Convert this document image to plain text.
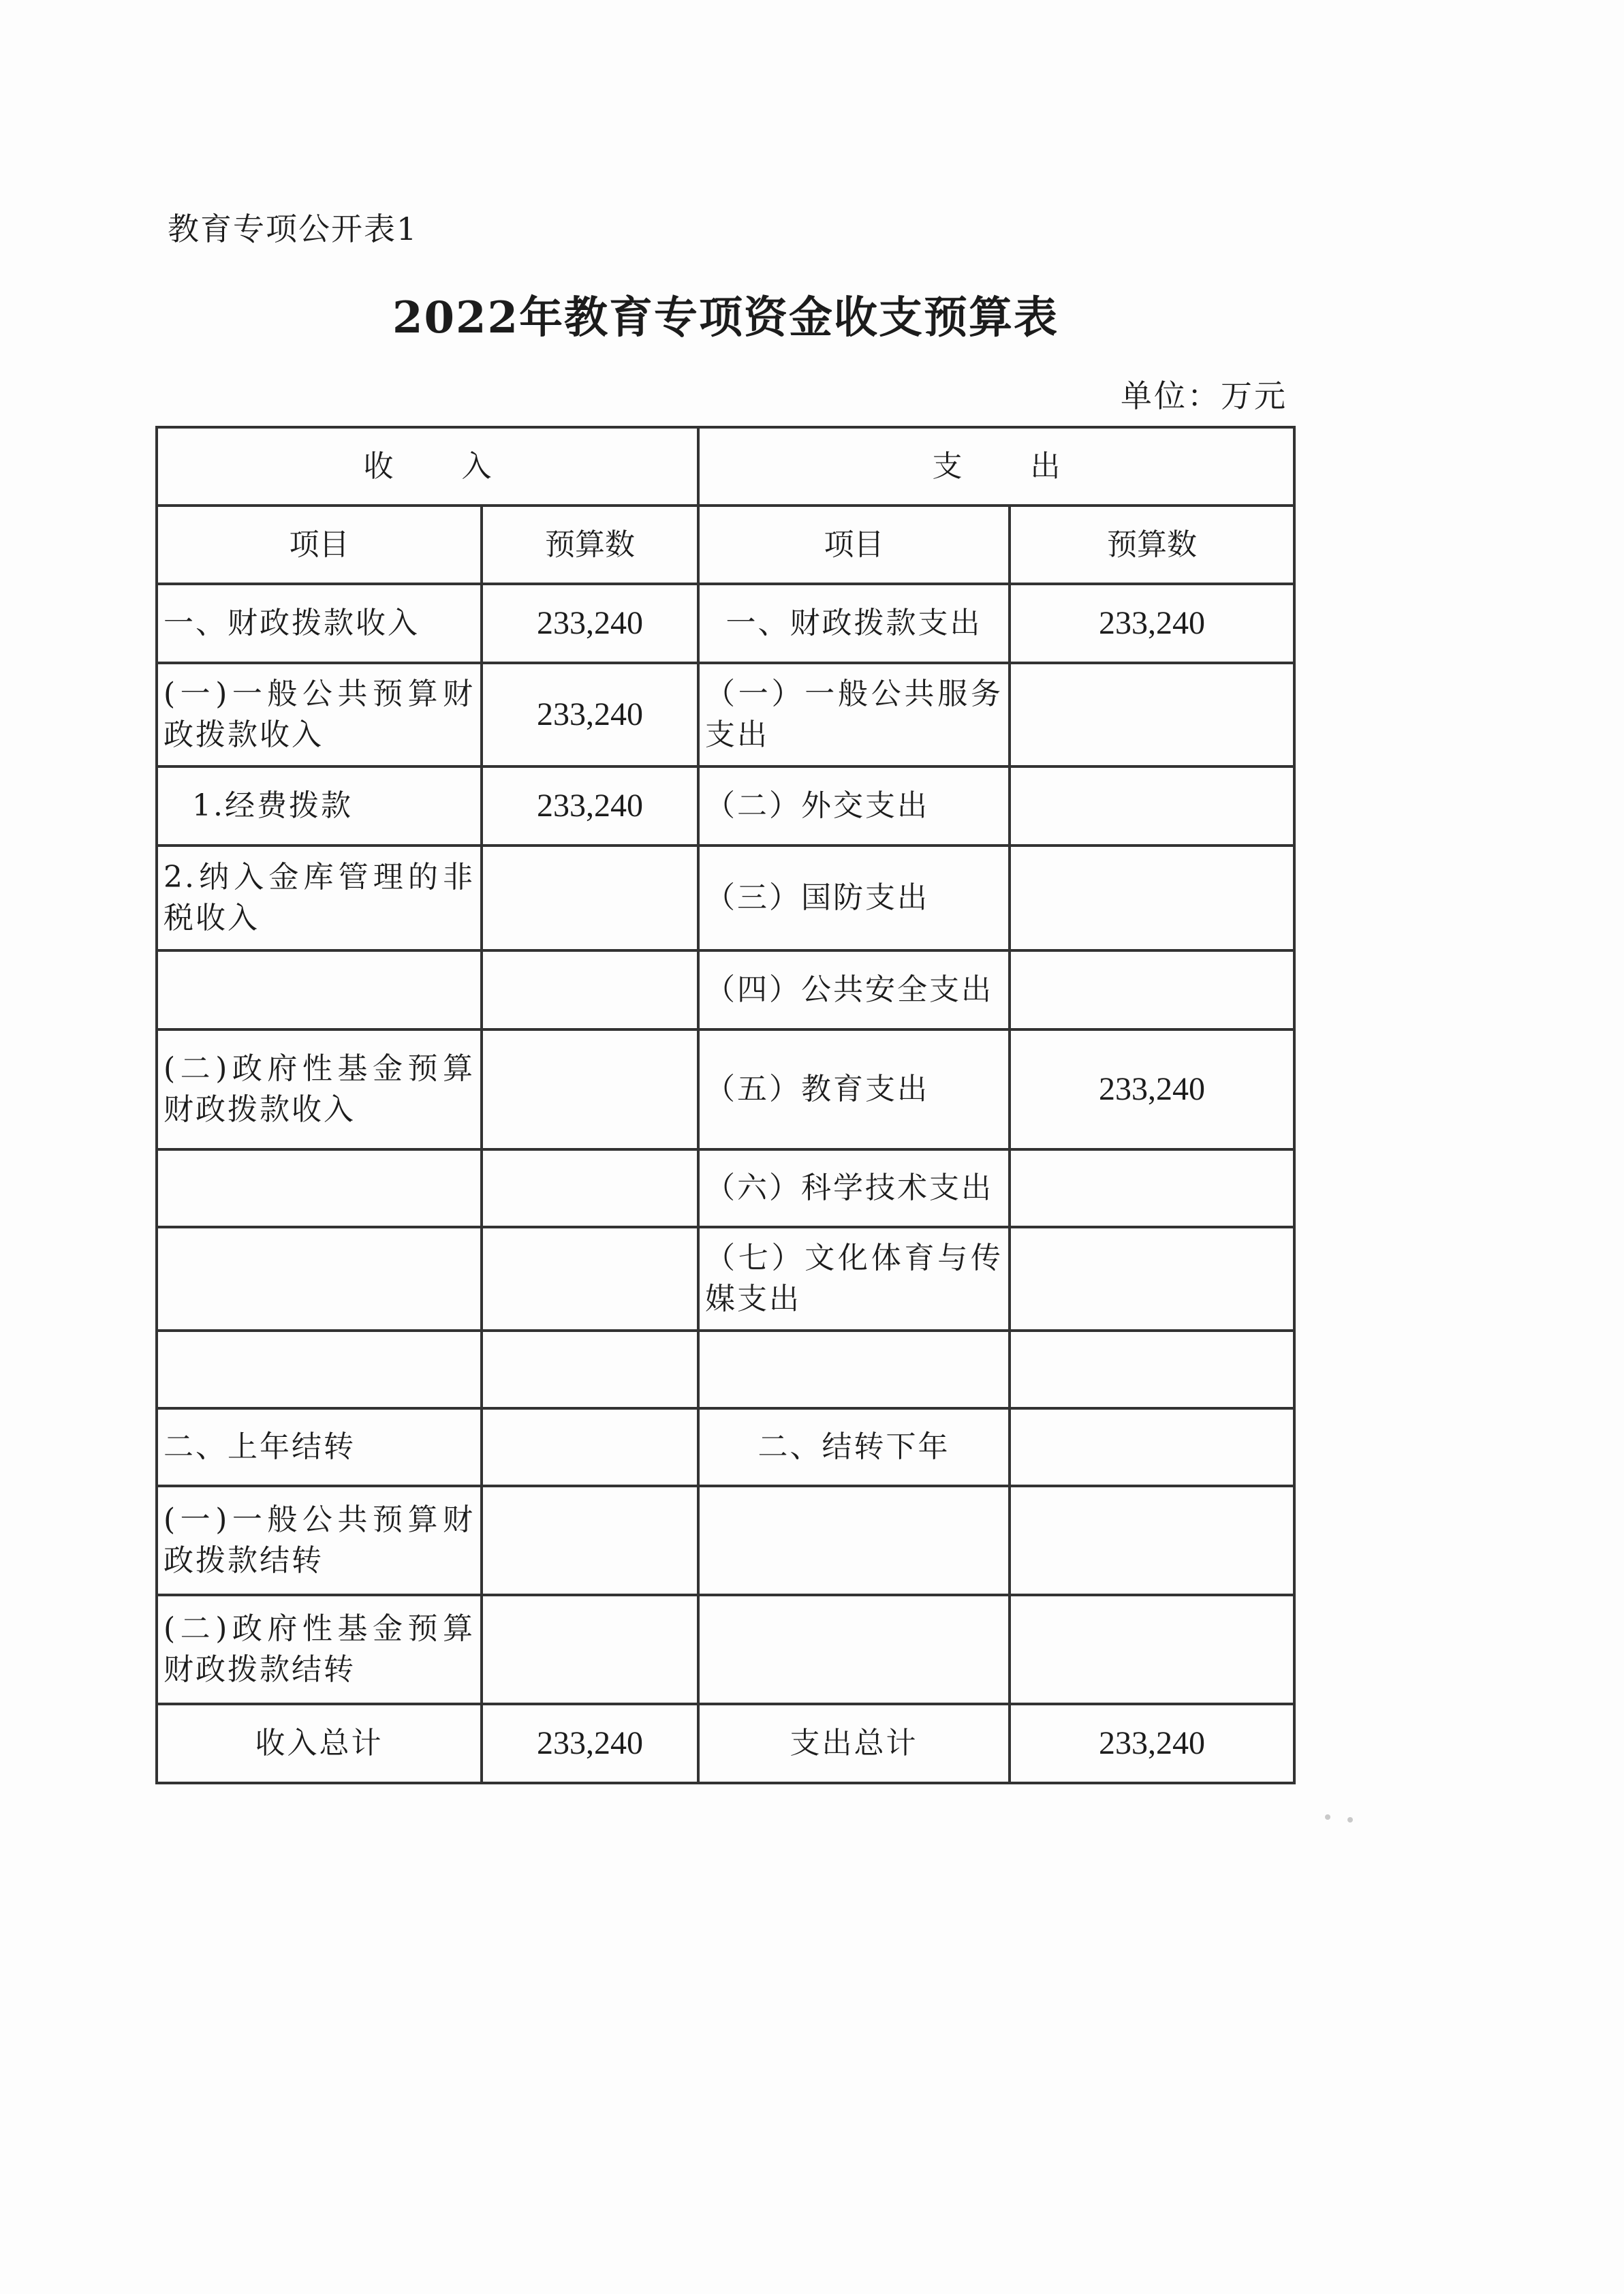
教育专项公开表1
2022年教育专项资金收支预算表
单位：万元
收入		支出	
项目	预算数	项目	预算数
一、财政拨款收入	233,240	一、财政拨款支出	233,240
(一)一般公共预算财政拨款收入	233,240	（一）一般公共服务支出	
1.经费拨款	233,240	（二）外交支出	
2.纳入金库管理的非税收入		（三）国防支出	
		（四）公共安全支出	
(二)政府性基金预算财政拨款收入		（五）教育支出	233,240
		（六）科学技术支出	
		（七）文化体育与传媒支出	

二、上年结转		二、结转下年	
(一)一般公共预算财政拨款结转			
(二)政府性基金预算财政拨款结转			
收入总计	233,240	支出总计	233,240
